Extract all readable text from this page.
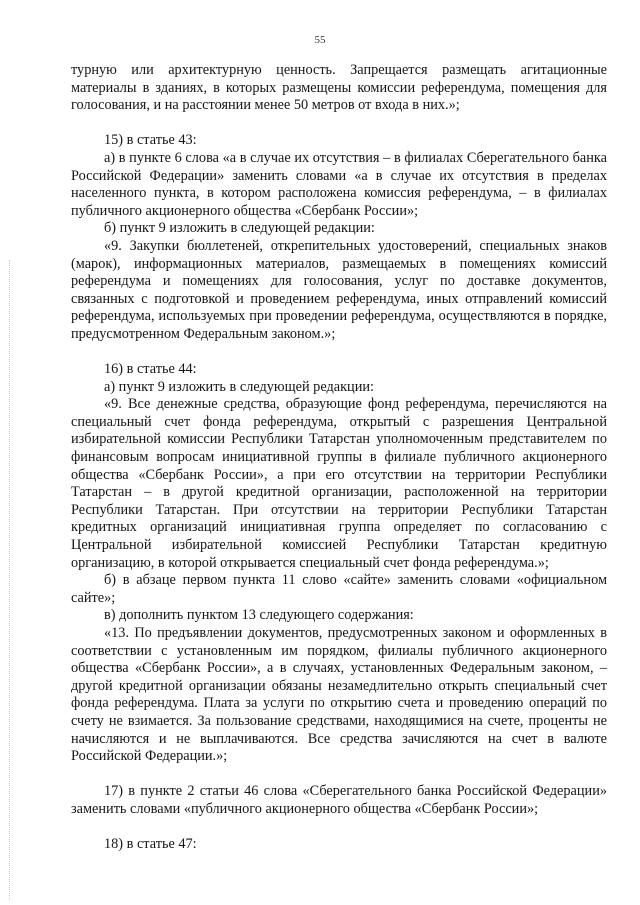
55

турную или архитектурную ценность. Запрещается размещать агитационные материалы в зданиях, в которых размещены комиссии референдума, помещения для голосования, и на расстоянии менее 50 метров от входа в них.»;

15) в статье 43:

а) в пункте 6 слова «а в случае их отсутствия – в филиалах Сберегательного банка Российской Федерации» заменить словами «а в случае их отсутствия в пределах населенного пункта, в котором расположена комиссия референдума, – в филиалах публичного акционерного общества «Сбербанк России»;

б) пункт 9 изложить в следующей редакции:

«9. Закупки бюллетеней, открепительных удостоверений, специальных знаков (марок), информационных материалов, размещаемых в помещениях комиссий референдума и помещениях для голосования, услуг по доставке документов, связанных с подготовкой и проведением референдума, иных отправлений комиссий референдума, используемых при проведении референдума, осуществляются в порядке, предусмотренном Федеральным законом.»;

16) в статье 44:

а) пункт 9 изложить в следующей редакции:

«9. Все денежные средства, образующие фонд референдума, перечисляются на специальный счет фонда референдума, открытый с разрешения Центральной избирательной комиссии Республики Татарстан уполномоченным представителем по финансовым вопросам инициативной группы в филиале публичного акционерного общества «Сбербанк России», а при его отсутствии на территории Республики Татарстан – в другой кредитной организации, расположенной на территории Республики Татарстан. При отсутствии на территории Республики Татарстан кредитных организаций инициативная группа определяет по согласованию с Центральной избирательной комиссией Республики Татарстан кредитную организацию, в которой открывается специальный счет фонда референдума.»;

б) в абзаце первом пункта 11 слово «сайте» заменить словами «официальном сайте»;

в) дополнить пунктом 13 следующего содержания:

«13. По предъявлении документов, предусмотренных законом и оформленных в соответствии с установленным им порядком, филиалы публичного акционерного общества «Сбербанк России», а в случаях, установленных Федеральным законом, – другой кредитной организации обязаны незамедлительно открыть специальный счет фонда референдума. Плата за услуги по открытию счета и проведению операций по счету не взимается. За пользование средствами, находящимися на счете, проценты не начисляются и не выплачиваются. Все средства зачисляются на счет в валюте Российской Федерации.»;

17) в пункте 2 статьи 46 слова «Сберегательного банка Российской Федерации» заменить словами «публичного акционерного общества «Сбербанк России»;

18) в статье 47:
